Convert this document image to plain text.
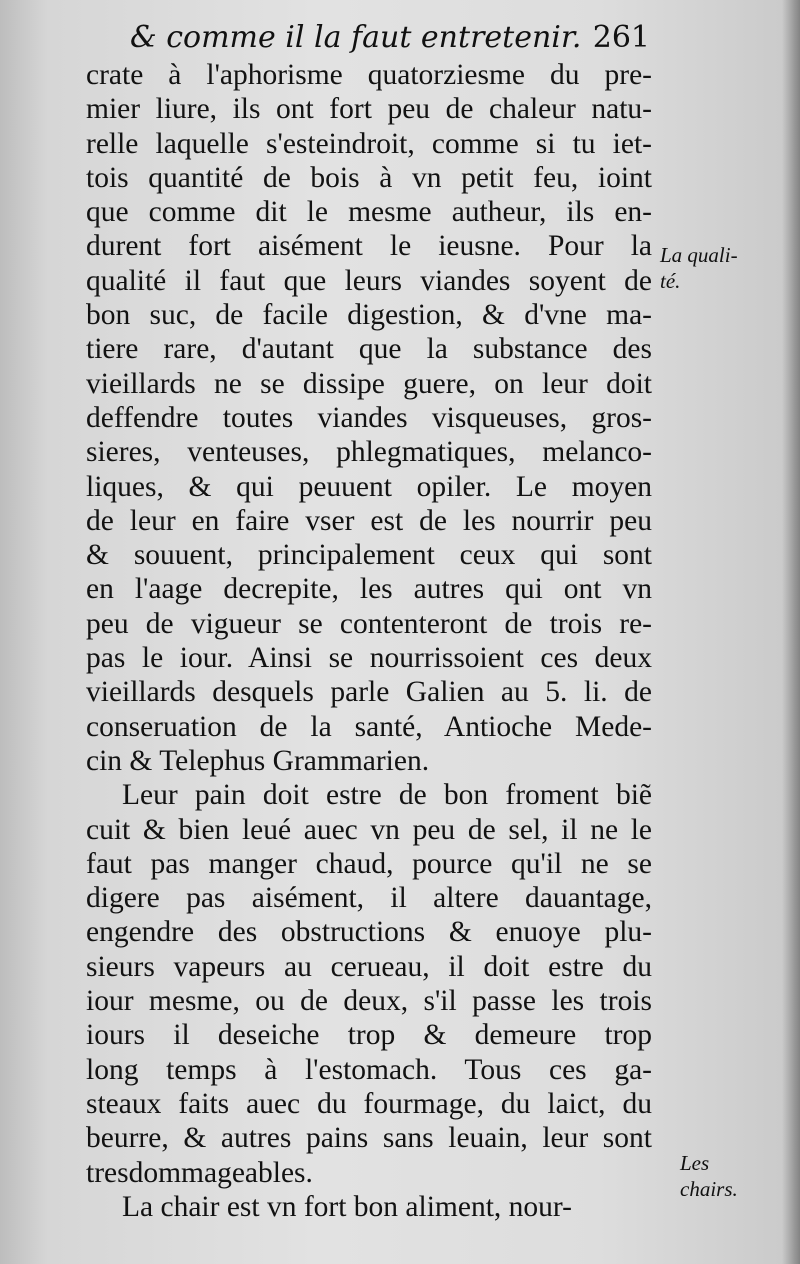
& comme il la faut entretenir. 261
La quali-
té.
Les
chairs.
crate à l'aphorisme quatorziesme du pre-
mier liure, ils ont fort peu de chaleur natu-
relle laquelle s'esteindroit, comme si tu iet-
tois quantité de bois à vn petit feu, ioint
que comme dit le mesme autheur, ils en-
durent fort aisément le ieusne. Pour la
qualité il faut que leurs viandes soyent de
bon suc, de facile digestion, & d'vne ma-
tiere rare, d'autant que la substance des
vieillards ne se dissipe guere, on leur doit
deffendre toutes viandes visqueuses, gros-
sieres, venteuses, phlegmatiques, melanco-
liques, & qui peuuent opiler. Le moyen
de leur en faire vser est de les nourrir peu
& souuent, principalement ceux qui sont
en l'aage decrepite, les autres qui ont vn
peu de vigueur se contenteront de trois re-
pas le iour. Ainsi se nourrissoient ces deux
vieillards desquels parle Galien au 5. li. de
conseruation de la santé, Antioche Mede-
cin & Telephus Grammarien.
Leur pain doit estre de bon froment biẽ
cuit & bien leué auec vn peu de sel, il ne le
faut pas manger chaud, pource qu'il ne se
digere pas aisément, il altere dauantage,
engendre des obstructions & enuoye plu-
sieurs vapeurs au cerueau, il doit estre du
iour mesme, ou de deux, s'il passe les trois
iours il deseiche trop & demeure trop
long temps à l'estomach. Tous ces ga-
steaux faits auec du fourmage, du laict, du
beurre, & autres pains sans leuain, leur sont
tresdommageables.
La chair est vn fort bon aliment, nour-
